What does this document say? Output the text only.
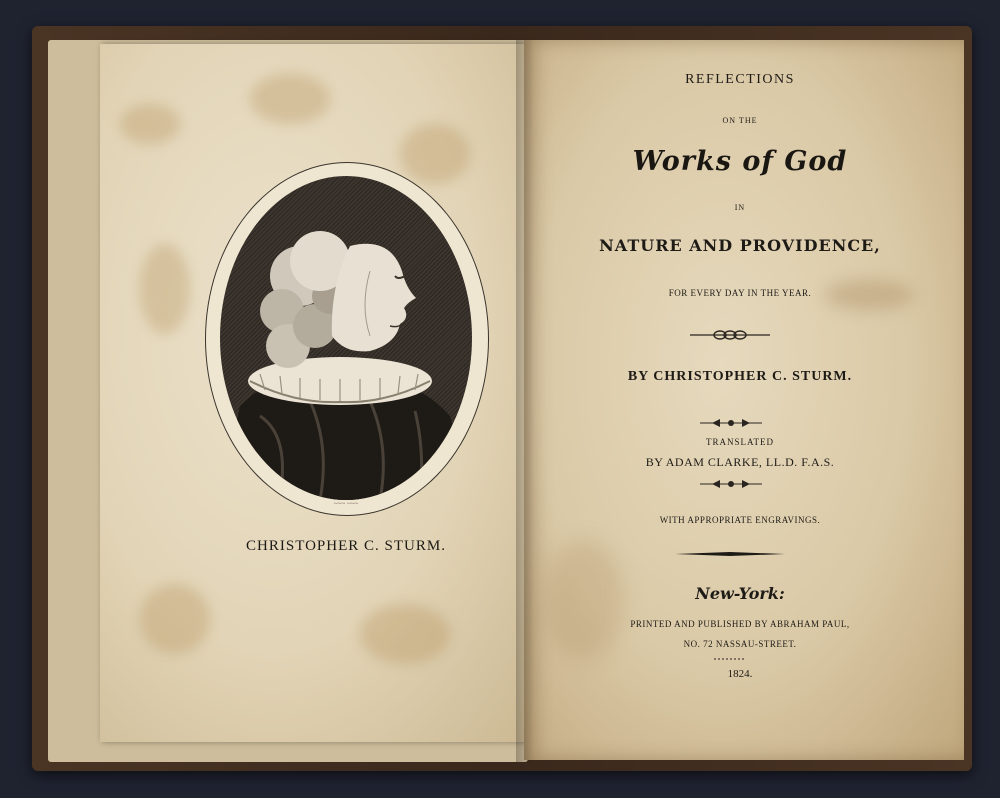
~~~ ~~~
CHRISTOPHER C. STURM.
REFLECTIONS
ON THE
Works of God
IN
NATURE AND PROVIDENCE,
FOR EVERY DAY IN THE YEAR.
BY CHRISTOPHER C. STURM.
TRANSLATED
BY ADAM CLARKE, LL.D. F.A.S.
WITH APPROPRIATE ENGRAVINGS.
New-York:
PRINTED AND PUBLISHED BY ABRAHAM PAUL,
NO. 72 NASSAU-STREET.
1824.
